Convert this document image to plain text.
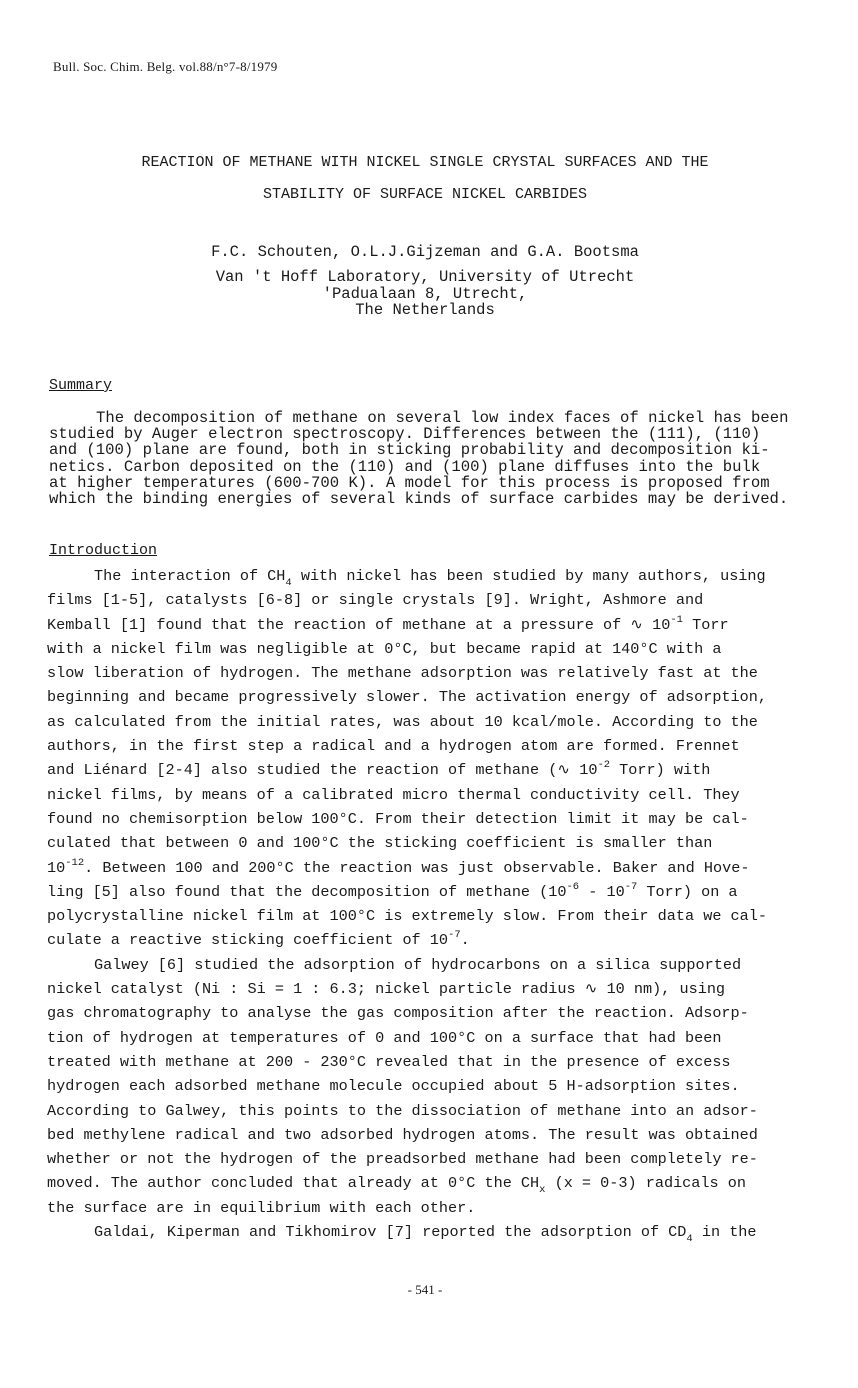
Bull. Soc. Chim. Belg. vol.88/n°7-8/1979
REACTION OF METHANE WITH NICKEL SINGLE CRYSTAL SURFACES AND THE
STABILITY OF SURFACE NICKEL CARBIDES
F.C. Schouten, O.L.J.Gijzeman and G.A. Bootsma
Van 't Hoff Laboratory, University of Utrecht
'Padualaan 8, Utrecht,
The Netherlands
Summary
The decomposition of methane on several low index faces of nickel has been
studied by Auger electron spectroscopy. Differences between the (111), (110)
and (100) plane are found, both in sticking probability and decomposition ki-
netics. Carbon deposited on the (110) and (100) plane diffuses into the bulk
at higher temperatures (600-700 K). A model for this process is proposed from
which the binding energies of several kinds of surface carbides may be derived.
Introduction
The interaction of $CH_4$ with nickel has been studied by many authors, using
films [1-5], catalysts [6-8] or single crystals [9]. Wright, Ashmore and
Kemball [1] found that the reaction of methane at a pressure of ∿ $10^{-1}$ Torr
with a nickel film was negligible at 0°C, but became rapid at 140°C with a
slow liberation of hydrogen. The methane adsorption was relatively fast at the
beginning and became progressively slower. The activation energy of adsorption,
as calculated from the initial rates, was about 10 kcal/mole. According to the
authors, in the first step a radical and a hydrogen atom are formed. Frennet
and Liénard [2-4] also studied the reaction of methane (∿ $10^{-2}$ Torr) with
nickel films, by means of a calibrated micro thermal conductivity cell. They
found no chemisorption below 100°C. From their detection limit it may be cal-
culated that between 0 and 100°C the sticking coefficient is smaller than
$10^{-12}$. Between 100 and 200°C the reaction was just observable. Baker and Hove-
ling [5] also found that the decomposition of methane ($10^{-6} - 10^{-7}$ Torr) on a
polycrystalline nickel film at 100°C is extremely slow. From their data we cal-
culate a reactive sticking coefficient of $10^{-7}$.
Galwey [6] studied the adsorption of hydrocarbons on a silica supported
nickel catalyst (Ni : Si = 1 : 6.3; nickel particle radius ∿ 10 nm), using
gas chromatography to analyse the gas composition after the reaction. Adsorp-
tion of hydrogen at temperatures of 0 and 100°C on a surface that had been
treated with methane at 200 - 230°C revealed that in the presence of excess
hydrogen each adsorbed methane molecule occupied about 5 H-adsorption sites.
According to Galwey, this points to the dissociation of methane into an adsor-
bed methylene radical and two adsorbed hydrogen atoms. The result was obtained
whether or not the hydrogen of the preadsorbed methane had been completely re-
moved. The author concluded that already at 0°C the $CH_x$ (x = 0-3) radicals on
the surface are in equilibrium with each other.
Galdai, Kiperman and Tikhomirov [7] reported the adsorption of $CD_4$ in the
- 541 -
